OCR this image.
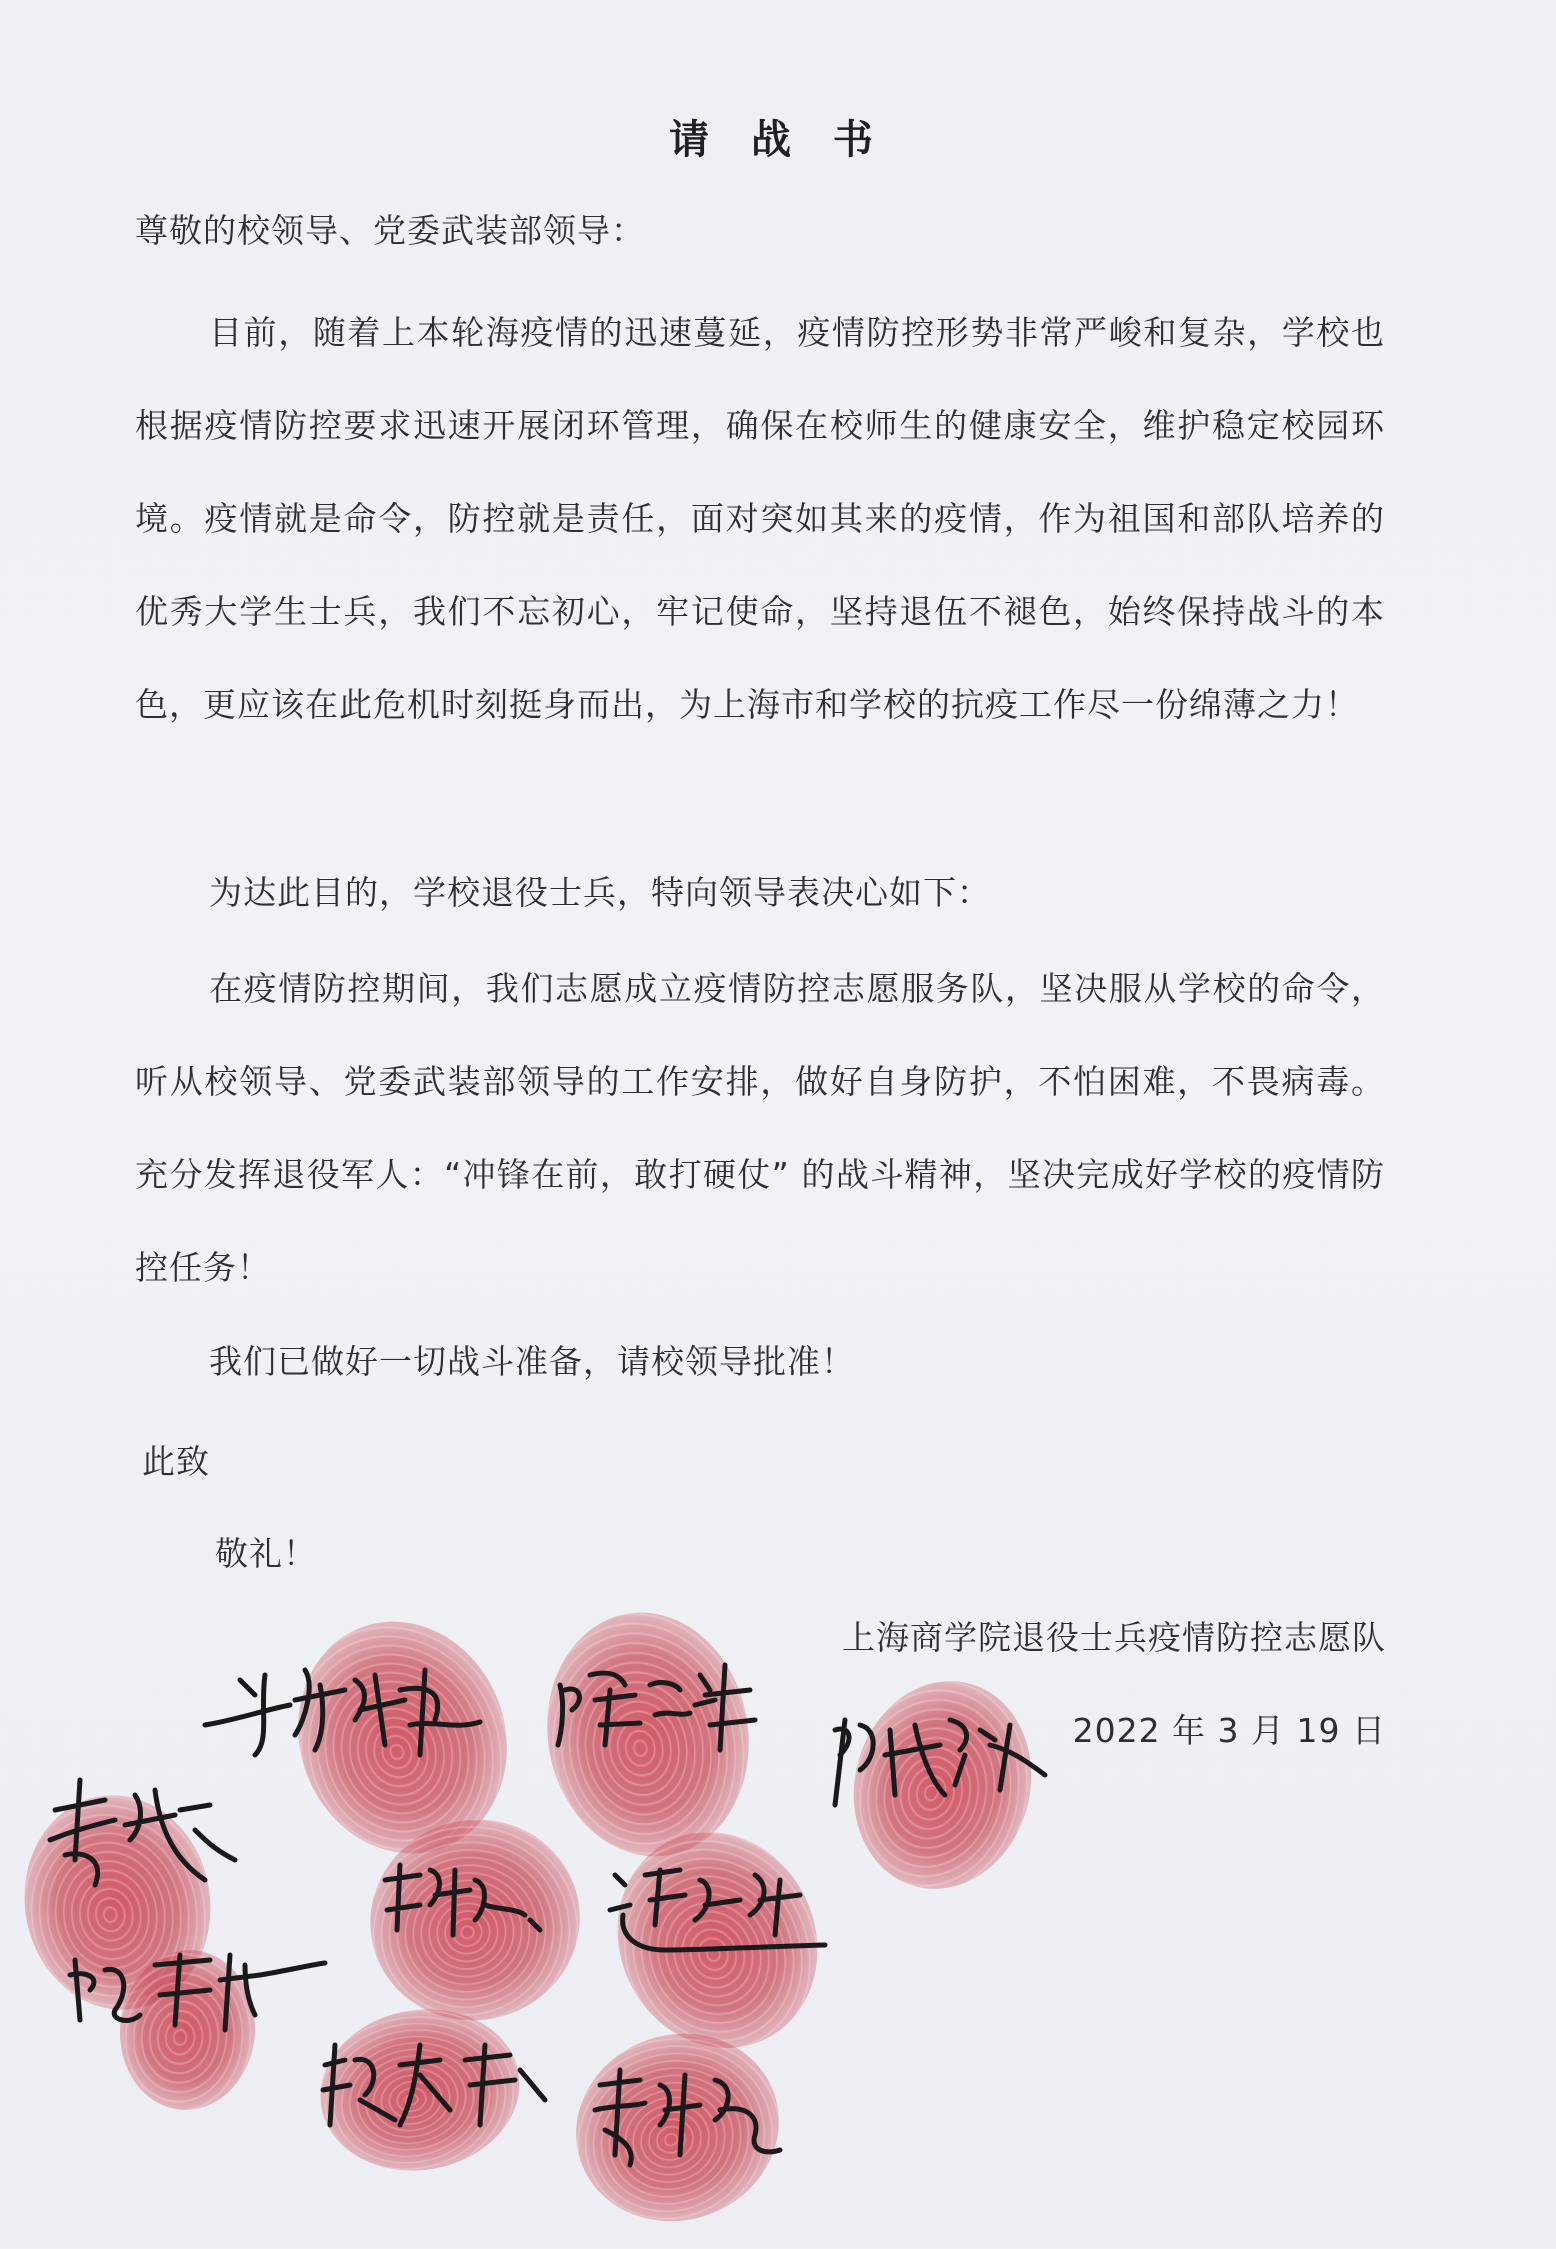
请 战 书
尊敬的校领导、党委武装部领导：
目前，随着上本轮海疫情的迅速蔓延，疫情防控形势非常严峻和复杂，学校也根据疫情防控要求迅速开展闭环管理，确保在校师生的健康安全，维护稳定校园环境。疫情就是命令，防控就是责任，面对突如其来的疫情，作为祖国和部队培养的优秀大学生士兵，我们不忘初心，牢记使命，坚持退伍不褪色，始终保持战斗的本色，更应该在此危机时刻挺身而出，为上海市和学校的抗疫工作尽一份绵薄之力！
为达此目的，学校退役士兵，特向领导表决心如下：
在疫情防控期间，我们志愿成立疫情防控志愿服务队，坚决服从学校的命令，听从校领导、党委武装部领导的工作安排，做好自身防护，不怕困难，不畏病毒。充分发挥退役军人：“冲锋在前，敢打硬仗” 的战斗精神，坚决完成好学校的疫情防控任务！
我们已做好一切战斗准备，请校领导批准！
此致
敬礼！
上海商学院退役士兵疫情防控志愿队
2022 年 3 月 19 日
